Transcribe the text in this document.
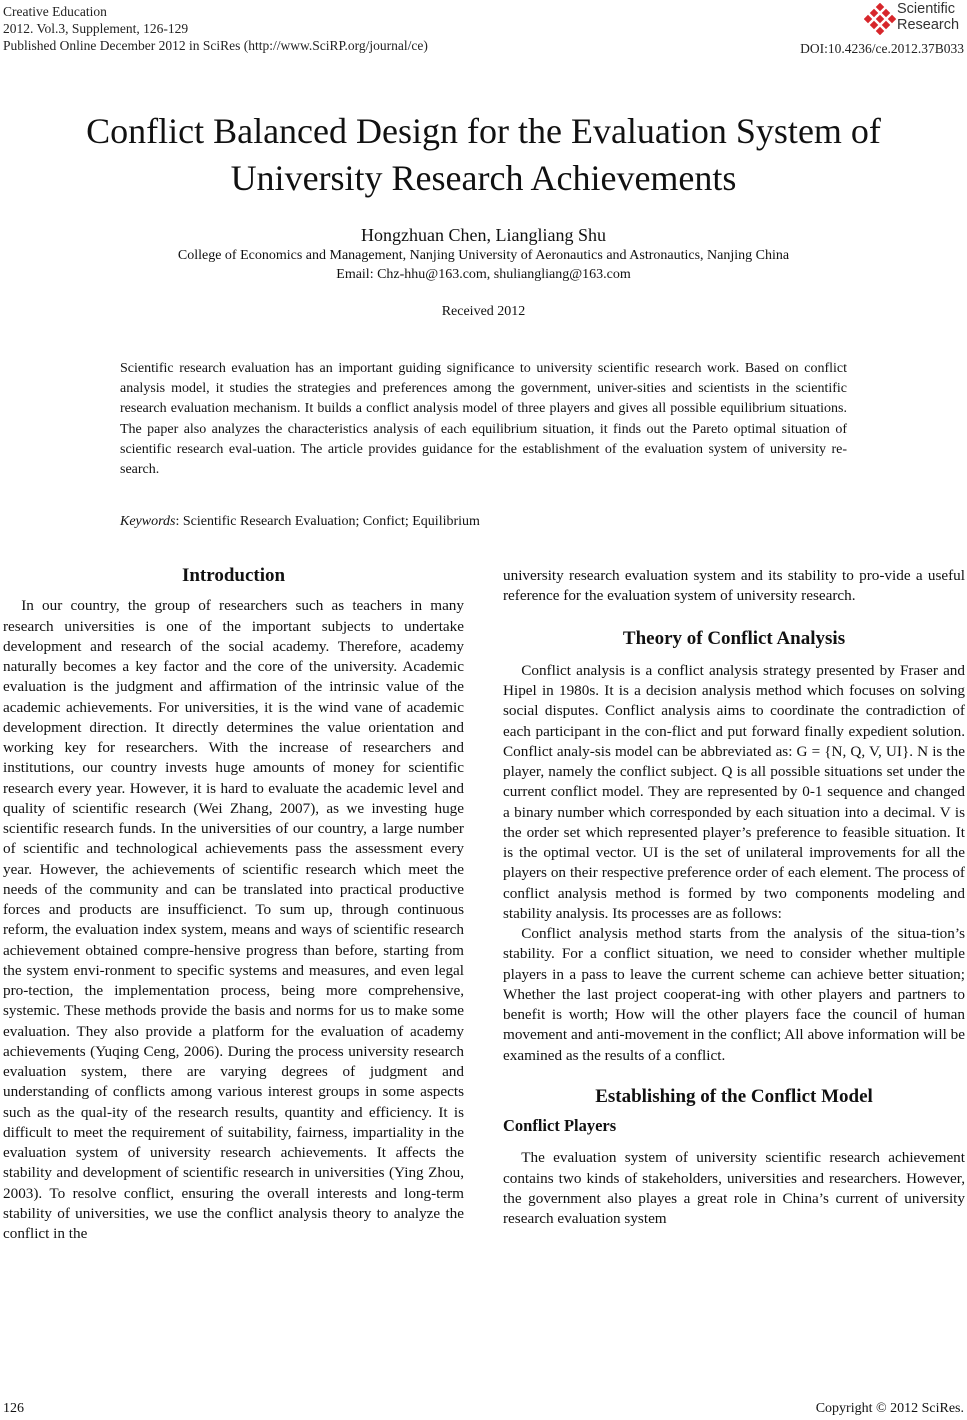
Creative Education
2012. Vol.3, Supplement, 126-129
Published Online December 2012 in SciRes (http://www.SciRP.org/journal/ce)
Scientific
Research
DOI:10.4236/ce.2012.37B033
Conflict Balanced Design for the Evaluation System of
University Research Achievements
Hongzhuan Chen, Liangliang Shu
College of Economics and Management, Nanjing University of Aeronautics and Astronautics, Nanjing China
Email: Chz-hhu@163.com, shuliangliang@163.com
Received 2012

Scientific research evaluation has an important guiding significance to university scientific research work. Based on conflict analysis model, it studies the strategies and preferences among the government, univer-sities and scientists in the scientific research evaluation mechanism. It builds a conflict analysis model of three players and gives all possible equilibrium situations. The paper also analyzes the characteristics analysis of each equilibrium situation, it finds out the Pareto optimal situation of scientific research eval-uation. The article provides guidance for the establishment of the evaluation system of university re-search.

Keywords: Scientific Research Evaluation; Confict; Equilibrium
Introduction

In our country, the group of researchers such as teachers in many research universities is one of the important subjects to undertake development and research of the social academy. Therefore, academy naturally becomes a key factor and the core of the university. Academic evaluation is the judgment and affirmation of the intrinsic value of the academic achievements. For universities, it is the wind vane of academic development direction. It directly determines the value orientation and working key for researchers. With the increase of researchers and institutions, our country invests huge amounts of money for scientific research every year. However, it is hard to evaluate the academic level and quality of scientific research (Wei Zhang, 2007), as we investing huge scientific research funds. In the universities of our country, a large number of scientific and technological achievements pass the assessment every year. However, the achievements of scientific research which meet the needs of the community and can be translated into practical productive forces and products are insufficienct. To sum up, through continuous reform, the evaluation index system, means and ways of scientific research achievement obtained compre-hensive progress than before, starting from the system envi-ronment to specific systems and measures, and even legal pro-tection, the implementation process, being more comprehensive, systemic. These methods provide the basis and norms for us to make some evaluation. They also provide a platform for the evaluation of academy achievements (Yuqing Ceng, 2006). During the process university research evaluation system, there are varying degrees of judgment and understanding of conflicts among various interest groups in some aspects such as the qual-ity of the research results, quantity and efficiency. It is difficult to meet the requirement of suitability, fairness, impartiality in the evaluation system of university research achievements. It affects the stability and development of scientific research in universities (Ying Zhou, 2003). To resolve conflict, ensuring the overall interests and long-term stability of universities, we use the conflict analysis theory to analyze the conflict in the

university research evaluation system and its stability to pro-vide a useful reference for the evaluation system of university research.

Theory of Conflict Analysis

Conflict analysis is a conflict analysis strategy presented by Fraser and Hipel in 1980s. It is a decision analysis method which focuses on solving social disputes. Conflict analysis aims to coordinate the contradiction of each participant in the con-flict and put forward finally expedient solution. Conflict analy-sis model can be abbreviated as: G = {N, Q, V, UI}. N is the player, namely the conflict subject. Q is all possible situations set under the current conflict model. They are represented by 0-1 sequence and changed a binary number which corresponded by each situation into a decimal. V is the order set which represented player’s preference to feasible situation. It is the optimal vector. UI is the set of unilateral improvements for all the players on their respective preference order of each element. The process of conflict analysis method is formed by two components modeling and stability analysis. Its processes are as follows:

Conflict analysis method starts from the analysis of the situa-tion’s stability. For a conflict situation, we need to consider whether multiple players in a pass to leave the current scheme can achieve better situation; Whether the last project cooperat-ing with other players and partners to benefit is worth; How will the other players face the council of human movement and anti-movement in the conflict; All above information will be examined as the results of a conflict.

Establishing of the Conflict Model
Conflict Players

The evaluation system of university scientific research achievement contains two kinds of stakeholders, universities and researchers. However, the government also playes a great role in China’s current of university research evaluation system

126	Copyright © 2012 SciRes.
